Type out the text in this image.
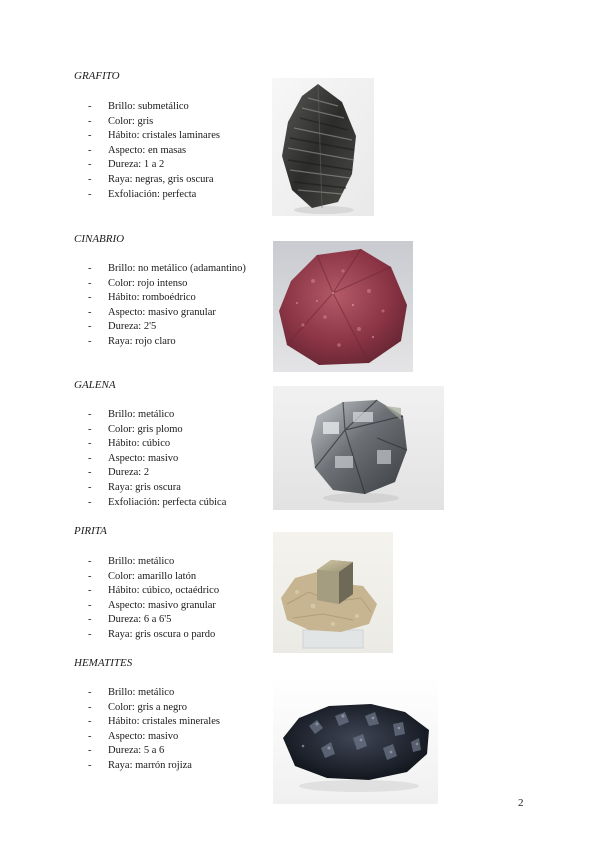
GRAFITO
- Brillo: submetálico
- Color: gris
- Hábito: cristales laminares
- Aspecto: en masas
- Dureza: 1 a 2
- Raya: negras, gris oscura
- Exfoliación: perfecta
CINABRIO
- Brillo: no metálico (adamantino)
- Color: rojo intenso
- Hábito: romboédrico
- Aspecto: masivo granular
- Dureza: 2'5
- Raya: rojo claro
GALENA
- Brillo: metálico
- Color: gris plomo
- Hábito: cúbico
- Aspecto: masivo
- Dureza: 2
- Raya: gris oscura
- Exfoliación: perfecta cúbica
PIRITA
- Brillo: metálico
- Color: amarillo latón
- Hábito: cúbico, octaédrico
- Aspecto: masivo granular
- Dureza: 6 a 6'5
- Raya: gris oscura o pardo
HEMATITES
- Brillo: metálico
- Color: gris a negro
- Hábito: cristales minerales
- Aspecto: masivo
- Dureza: 5 a 6
- Raya: marrón rojiza
2
